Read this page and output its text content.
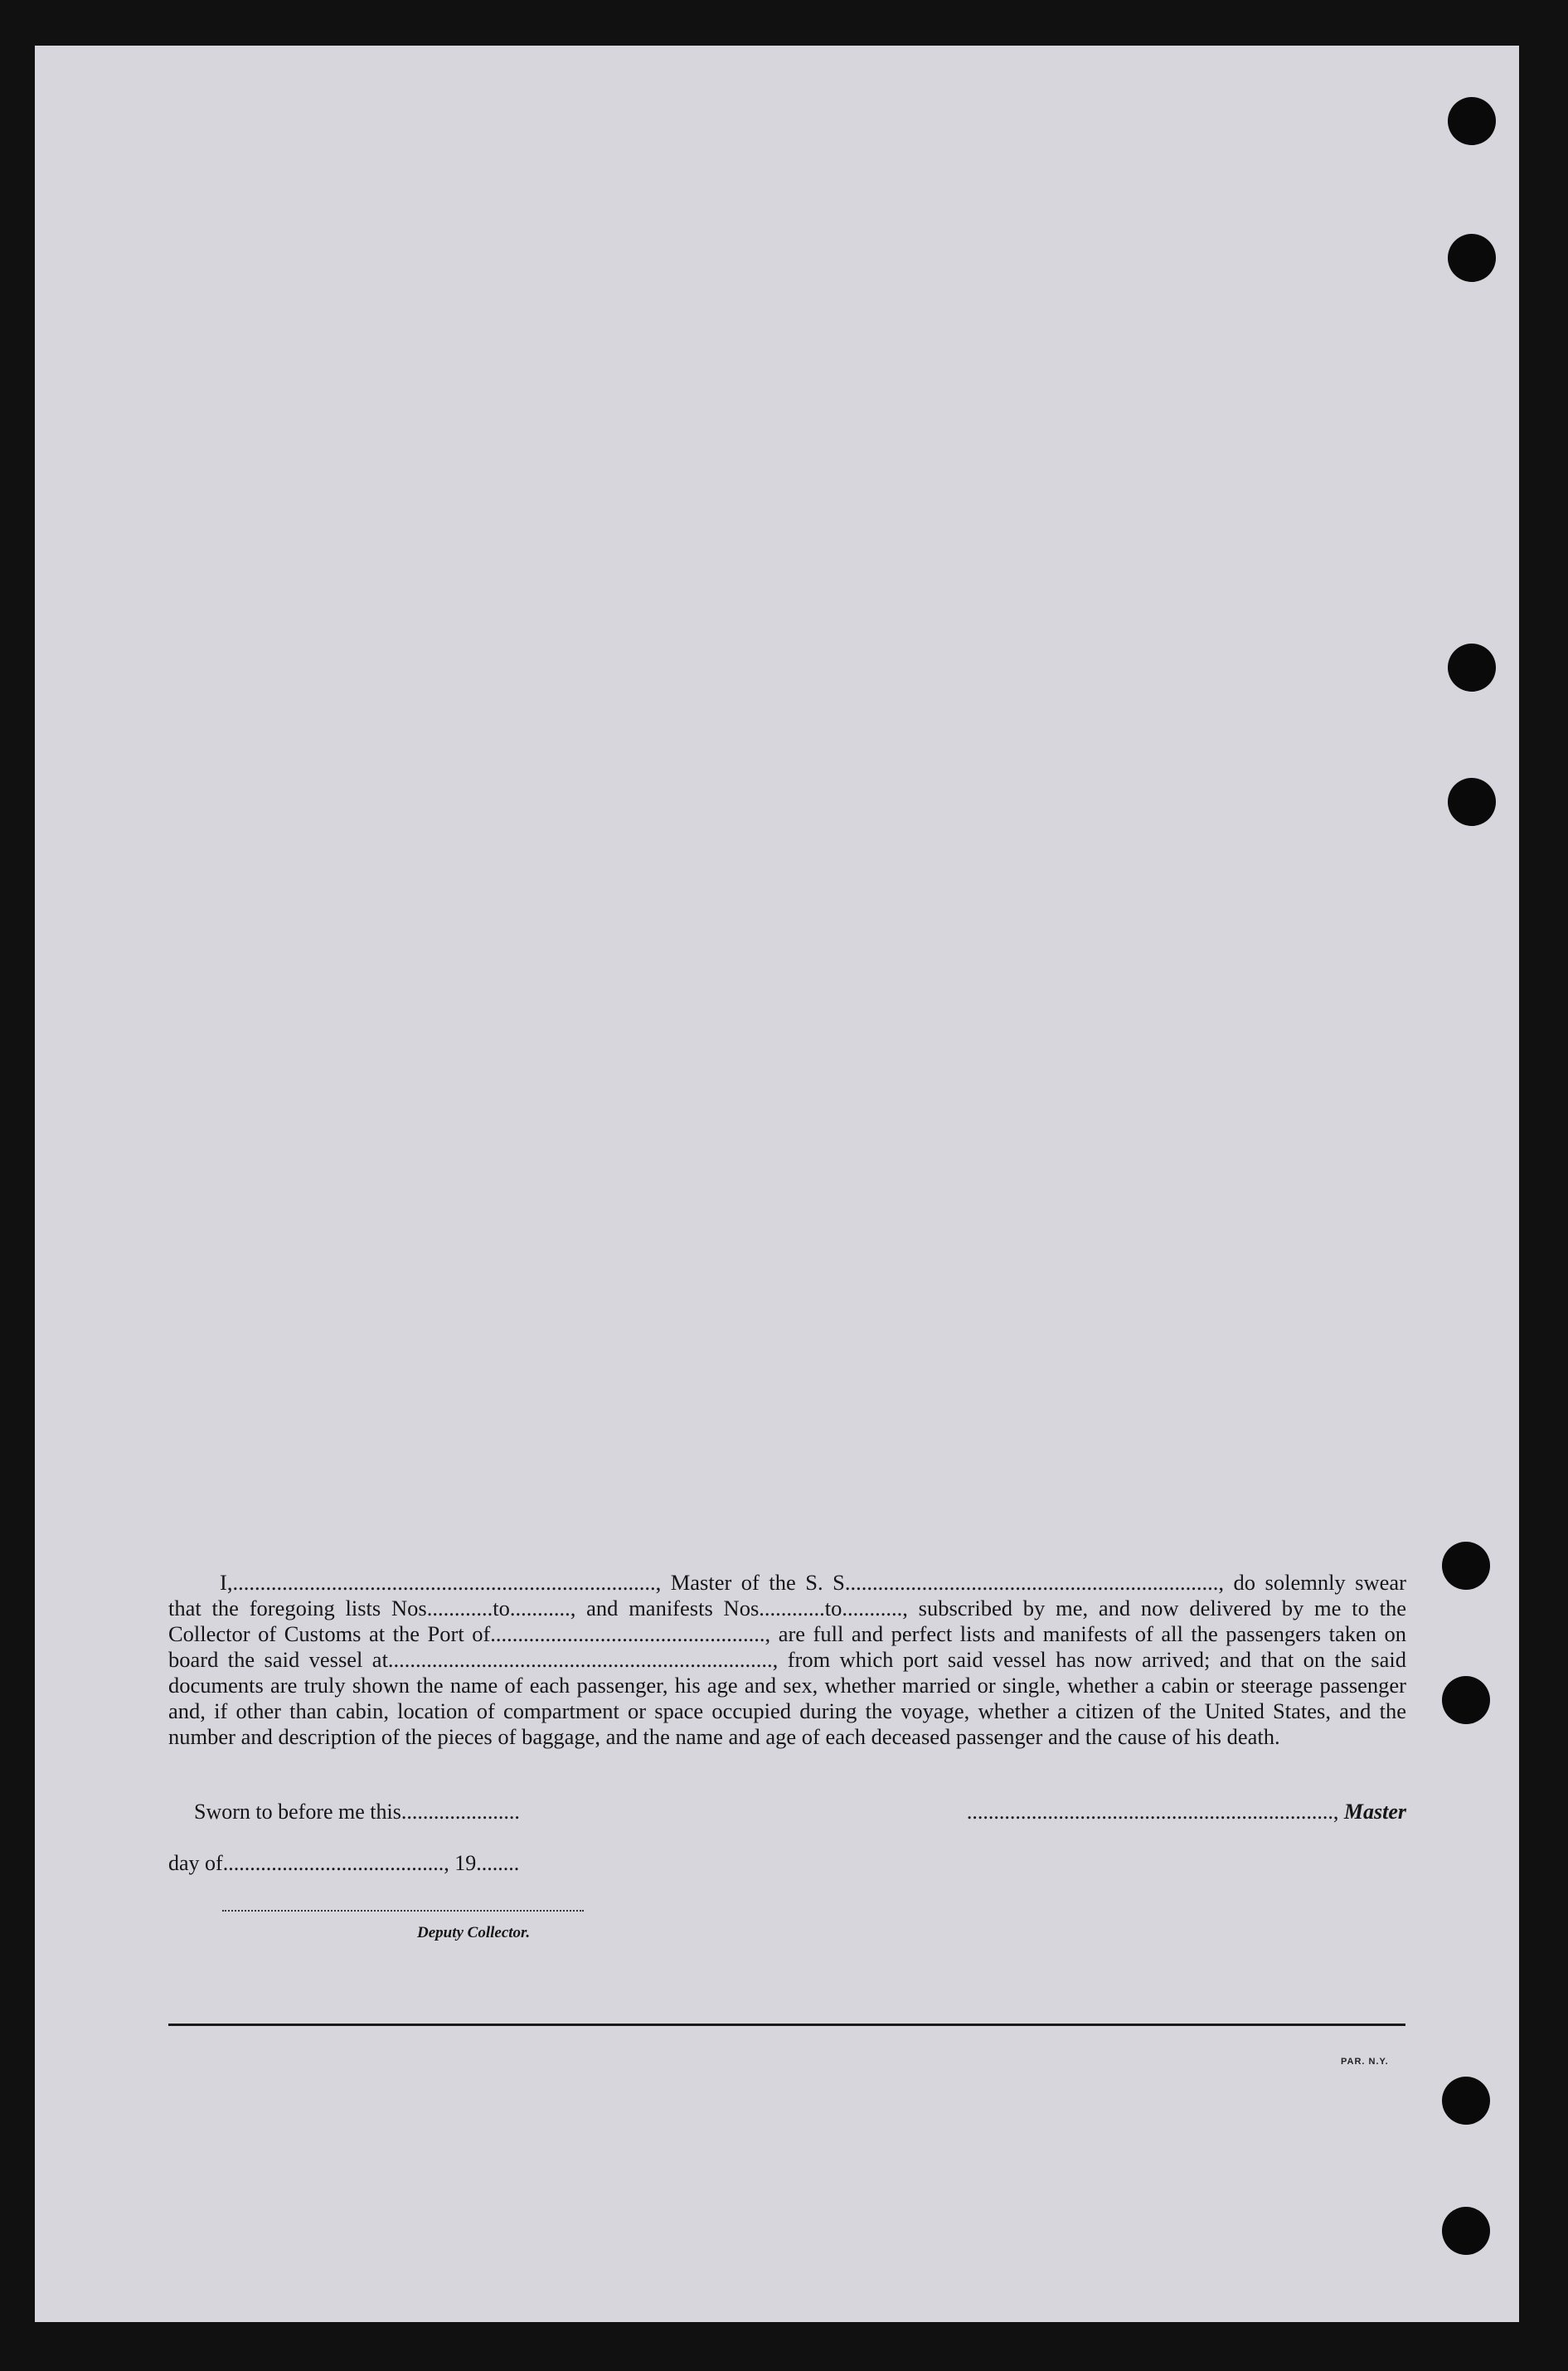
I,............................................................................., Master of the S. S...................................................................., do solemnly swear that the foregoing lists Nos............to..........., and manifests Nos............to..........., subscribed by me, and now delivered by me to the Collector of Customs at the Port of.................................................., are full and perfect lists and manifests of all the passengers taken on board the said vessel at......................................................................, from which port said vessel has now arrived; and that on the said documents are truly shown the name of each passenger, his age and sex, whether married or single, whether a cabin or steerage passenger and, if other than cabin, location of compartment or space occupied during the voyage, whether a citizen of the United States, and the number and description of the pieces of baggage, and the name and age of each deceased passenger and the cause of his death.

Sworn to before me this......................
day of........................................., 19........
...................................................................., Master
Deputy Collector.
PAR. N.Y.
